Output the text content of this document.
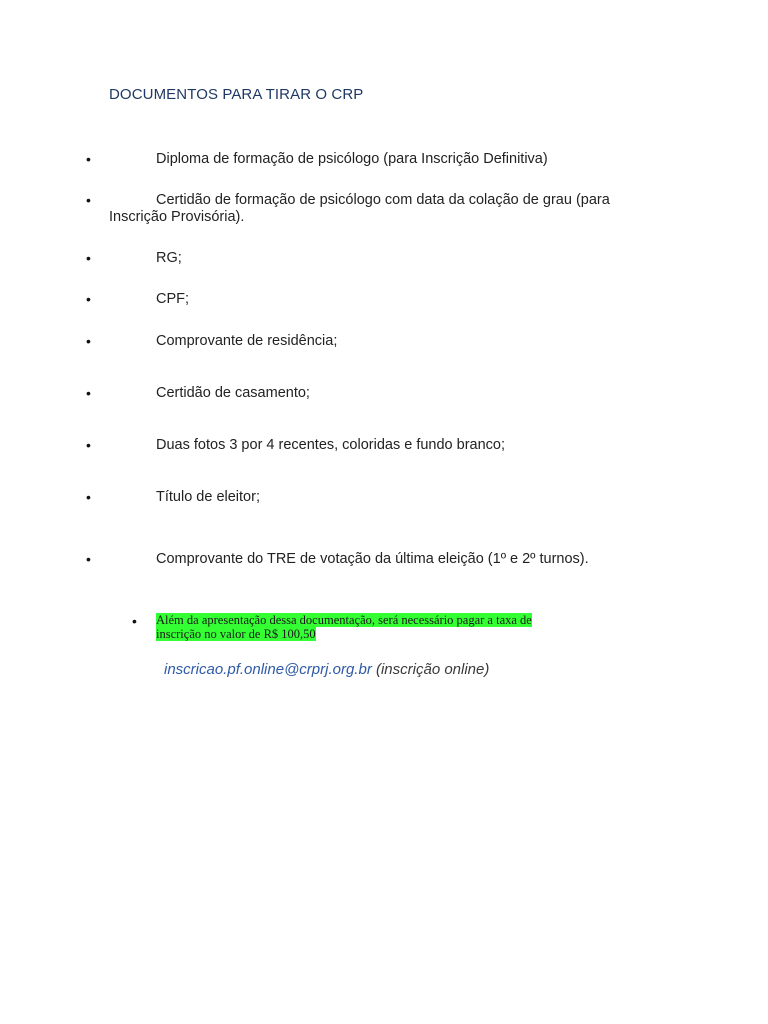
DOCUMENTOS PARA TIRAR O CRP
•	Diploma de formação de psicólogo (para Inscrição Definitiva)
•	Certidão de formação de psicólogo com data da colação de grau (para
Inscrição Provisória).
•	RG;
•	CPF;
•	Comprovante de residência;
•	Certidão de casamento;
•	Duas fotos 3 por 4 recentes, coloridas e fundo branco;
•	Título de eleitor;
•	Comprovante do TRE de votação da última eleição (1º e 2º turnos).
• Além da apresentação dessa documentação, será necessário pagar a taxa de
inscrição no valor de R$ 100,50
inscricao.pf.online@crprj.org.br (inscrição online)
